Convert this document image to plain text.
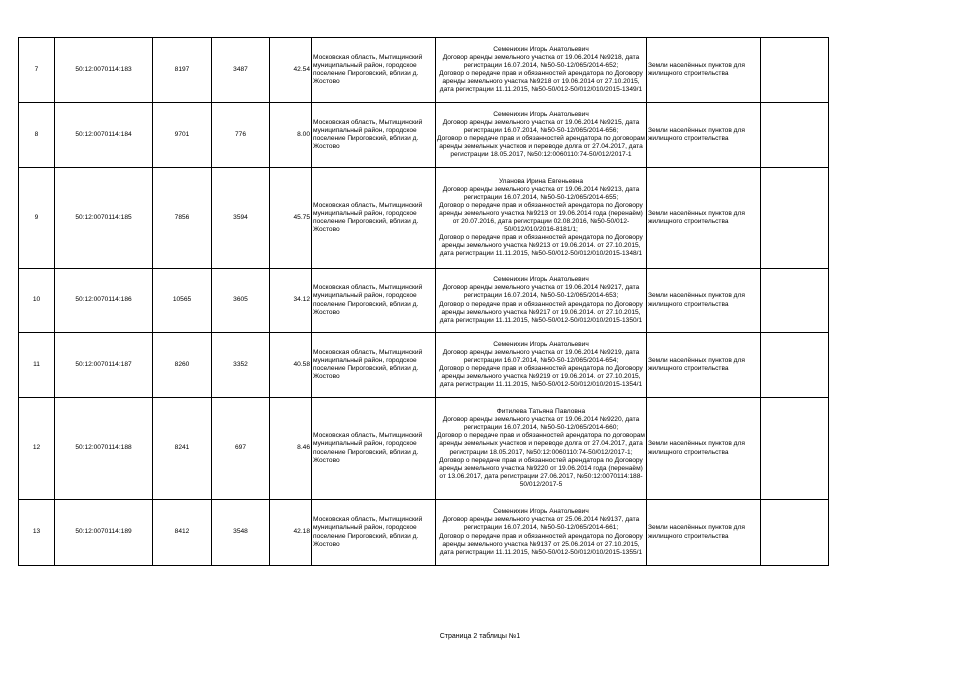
7	50:12:0070114:183	8197	3487	42.54	Московская область, Мытищинский муниципальный район, городское поселение Пироговский, вблизи д. Жостово	Семенихин Игорь Анатольевич
Договор аренды земельного участка от 19.06.2014 №9218, дата регистрации 16.07.2014, №50-50-12/065/2014-652;
Договор о передаче прав и обязанностей арендатора по Договору аренды земельного участка №9218 от 19.06.2014 от 27.10.2015, дата регистрации 11.11.2015, №50-50/012-50/012/010/2015-1349/1	Земли населённых пунктов для жилищного строительства	
8	50:12:0070114:184	9701	776	8.00	Московская область, Мытищинский муниципальный район, городское поселение Пироговский, вблизи д. Жостово	Семенихин Игорь Анатольевич
Договор аренды земельного участка от 19.06.2014 №9215, дата регистрации 16.07.2014, №50-50-12/065/2014-656;
Договор о передаче прав и обязанностей арендатора по договорам аренды земельных участков и переводе долга от 27.04.2017, дата регистрации 18.05.2017, №50:12:0060110:74-50/012/2017-1	Земли населённых пунктов для жилищного строительства	
9	50:12:0070114:185	7856	3594	45.75	Московская область, Мытищинский муниципальный район, городское поселение Пироговский, вблизи д. Жостово	Уланова Ирина Евгеньевна
Договор аренды земельного участка от 19.06.2014 №9213, дата регистрации 16.07.2014, №50-50-12/065/2014-655;
Договор о передаче прав и обязанностей арендатора по Договору аренды земельного участка №9213 от 19.06.2014 года (перенаём) от 20.07.2016, дата регистрации 02.08.2016, №50-50/012-50/012/010/2016-8181/1;
Договор о передаче прав и обязанностей арендатора по Договору аренды земельного участка №9213 от 19.06.2014. от 27.10.2015, дата регистрации 11.11.2015, №50-50/012-50/012/010/2015-1348/1	Земли населённых пунктов для жилищного строительства	
10	50:12:0070114:186	10565	3605	34.12	Московская область, Мытищинский муниципальный район, городское поселение Пироговский, вблизи д. Жостово	Семенихин Игорь Анатольевич
Договор аренды земельного участка от 19.06.2014 №9217, дата регистрации 16.07.2014, №50-50-12/065/2014-653;
Договор о передаче прав и обязанностей арендатора по Договору аренды земельного участка №9217 от 19.06.2014. от 27.10.2015, дата регистрации 11.11.2015, №50-50/012-50/012/010/2015-1350/1	Земли населённых пунктов для жилищного строительства	
11	50:12:0070114:187	8260	3352	40.58	Московская область, Мытищинский муниципальный район, городское поселение Пироговский, вблизи д. Жостово	Семенихин Игорь Анатольевич
Договор аренды земельного участка от 19.06.2014 №9219, дата регистрации 16.07.2014, №50-50-12/065/2014-654;
Договор о передаче прав и обязанностей арендатора по Договору аренды земельного участка №9219 от 19.06.2014. от 27.10.2015, дата регистрации 11.11.2015, №50-50/012-50/012/010/2015-1354/1	Земли населённых пунктов для жилищного строительства	
12	50:12:0070114:188	8241	697	8.46	Московская область, Мытищинский муниципальный район, городское поселение Пироговский, вблизи д. Жостово	Фитилева Татьяна Павловна
Договор аренды земельного участка от 19.06.2014 №9220, дата регистрации 16.07.2014, №50-50-12/065/2014-660;
Договор о передаче прав и обязанностей арендатора по договорам аренды земельных участков и переводе долга от 27.04.2017, дата регистрации 18.05.2017, №50:12:0060110:74-50/012/2017-1;
Договор о передаче прав и обязанностей арендатора по Договору аренды земельного участка №9220 от 19.06.2014 года (перенаём) от 13.06.2017, дата регистрации 27.06.2017, №50:12:0070114:188-50/012/2017-5	Земли населённых пунктов для жилищного строительства	
13	50:12:0070114:189	8412	3548	42.18	Московская область, Мытищинский муниципальный район, городское поселение Пироговский, вблизи д. Жостово	Семенихин Игорь Анатольевич
Договор аренды земельного участка от 25.06.2014 №9137, дата регистрации 16.07.2014, №50-50-12/065/2014-661;
Договор о передаче прав и обязанностей арендатора по Договору аренды земельного участка №9137 от 25.06.2014 от 27.10.2015, дата регистрации 11.11.2015, №50-50/012-50/012/010/2015-1355/1	Земли населённых пунктов для жилищного строительства	
Страница 2 таблицы №1
